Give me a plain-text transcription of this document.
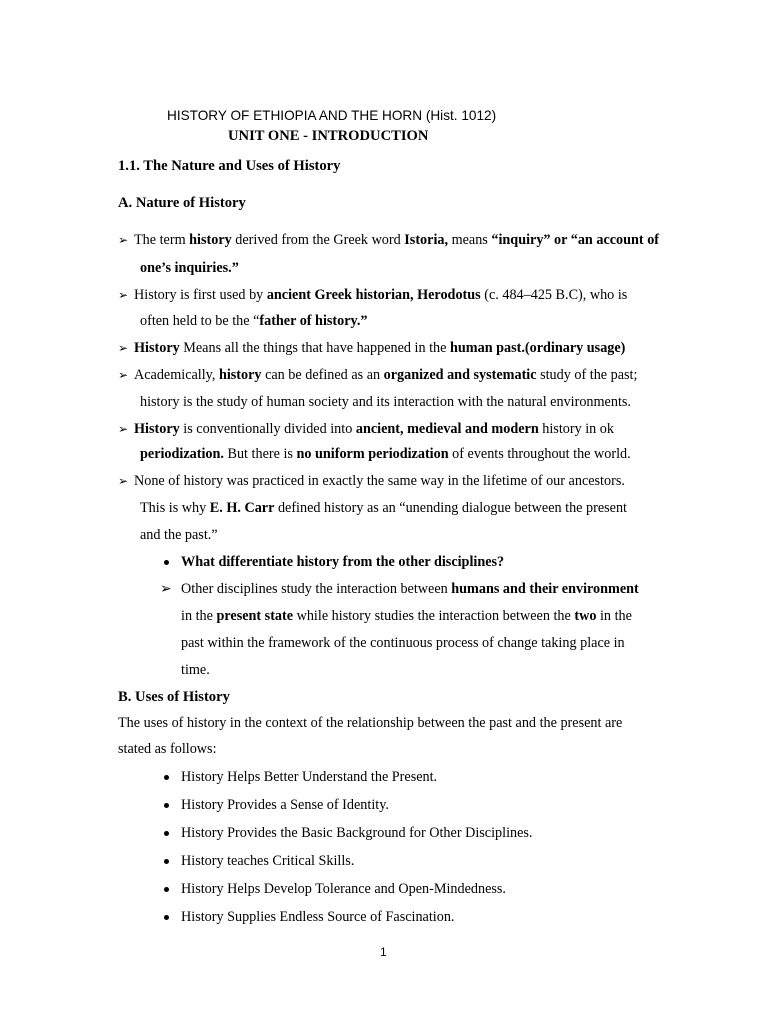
HISTORY OF ETHIOPIA AND THE HORN (Hist. 1012)
UNIT ONE - INTRODUCTION
1.1. The Nature and Uses of History
A. Nature of History
➢ The term history derived from the Greek word Istoria, means “inquiry” or “an account of
one’s inquiries.”
➢ History is first used by ancient Greek historian, Herodotus (c. 484–425 B.C), who is
often held to be the “father of history.”
➢ History Means all the things that have happened in the human past.(ordinary usage)
➢ Academically, history can be defined as an organized and systematic study of the past;
history is the study of human society and its interaction with the natural environments.
➢ History is conventionally divided into ancient, medieval and modern history in ok
periodization. But there is no uniform periodization of events throughout the world.
➢ None of history was practiced in exactly the same way in the lifetime of our ancestors.
This is why E. H. Carr defined history as an “unending dialogue between the present
and the past.”
What differentiate history from the other disciplines?
➢ Other disciplines study the interaction between humans and their environment
in the present state while history studies the interaction between the two in the
past within the framework of the continuous process of change taking place in
time.
B. Uses of History
The uses of history in the context of the relationship between the past and the present are
stated as follows:
History Helps Better Understand the Present.
History Provides a Sense of Identity.
History Provides the Basic Background for Other Disciplines.
History teaches Critical Skills.
History Helps Develop Tolerance and Open-Mindedness.
History Supplies Endless Source of Fascination.
1
